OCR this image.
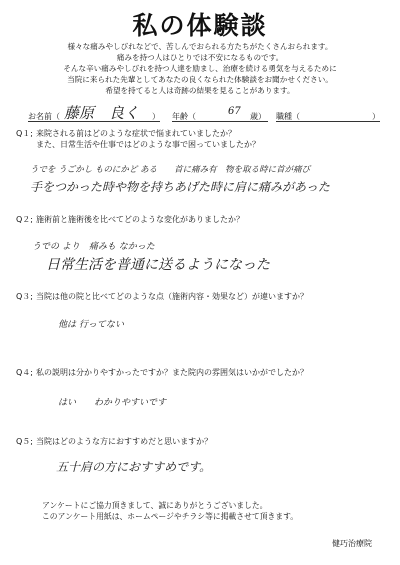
私の体験談
様々な痛みやしびれなどで、苦しんでおられる方たちがたくさんおられます。
痛みを持つ人はひとりでは不安になるものです。
そんな辛い痛みやしびれを持つ人達を励まし、治療を続ける勇気を与えるために
当院に来られた先輩としてあなたの良くなられた体験談をお聞かせください。
希望を持てると人は奇跡の結果を見ることがあります。
お名前（ 藤原　良く ） 年齢（	67 歳） 職種（	）
Q１; 来院される前はどのような症状で悩まれていましたか？
また、日常生活や仕事ではどのような事で困っていましたか？
うでを うごかし ものにかど ある　　首に痛み有　物を取る時に首が痛び
手をつかった時や物を持ちあげた時に肩に痛みがあった
Q２; 施術前と施術後を比べてどのような変化がありましたか？
うでの より　痛みも なかった
日常生活を普通に送るようになった
Q３; 当院は他の院と比べてどのような点（施術内容・効果など）が違いますか？
他は 行ってない
Q４; 私の説明は分かりやすかったですか？また院内の雰囲気はいかがでしたか？
はい　　わかりやすいです
Q５; 当院はどのような方におすすめだと思いますか？
五十肩の方におすすめです。
アンケートにご協力頂きまして、誠にありがとうございました。
このアンケート用紙は、ホームページやチラシ等に掲載させて頂きます。
健巧治療院
